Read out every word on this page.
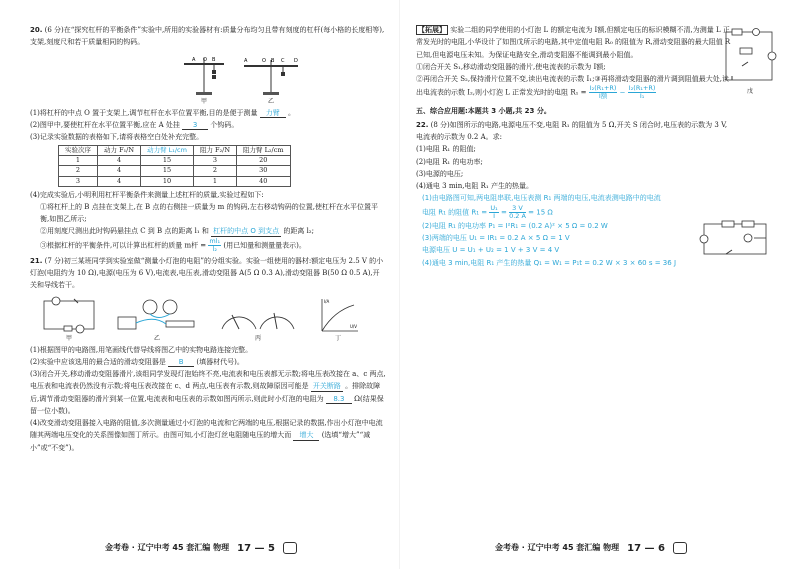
20. (6 分)在“探究杠杆的平衡条件”实验中,所用的实验器材有:质量分布均匀且带有刻度的杠杆(每小格的长度相等),支架,刻度尺和若干质量相同的钩码。
A O B
甲
A	O B C D
乙
(1)将杠杆的中点 O 置于支架上,调节杠杆在水平位置平衡,目的是便于测量 力臂 。
(2)图甲中,要使杠杆在水平位置平衡,应在 A 处挂 3 个钩码。
(3)记录实验数据的表格如下,请将表格空白处补充完整。
实验次序	动力 F₁/N	动力臂 L₁/cm	阻力 F₂/N	阻力臂 L₂/cm
1	4	15	3	20
2	4	15	2	30
3	4	10	1	40
(4)完成实验后,小明利用杠杆平衡条件来测量上述杠杆的质量,实验过程如下:
①将杠杆上的 B 点挂在支架上,在 B 点的右侧挂一质量为 m 的钩码,左右移动钩码的位置,使杠杆在水平位置平衡,如图乙所示;
②用刻度尺测出此时钩码悬挂点 C 到 B 点的距离 l₁ 和 杠杆的中点 O 到支点 的距离 l₂;
③根据杠杆的平衡条件,可以计算出杠杆的质量 m杆 = $\frac{\text{ml₁}}{\text{l₂}}$ (用已知量和测量量表示)。
21. (7 分)初三某班同学到实验室做“测量小灯泡的电阻”的分组实验。实验一组使用的器材:额定电压为 2.5 V 的小灯泡(电阻约为 10 Ω),电源(电压为 6 V),电流表,电压表,滑动变阻器 A(5 Ω 0.3 A),滑动变阻器 B(50 Ω 0.5 A),开关和导线若干。
甲	乙	丙
I/A
U/V
丁
(1)根据图甲的电路图,用笔画线代替导线将图乙中的实物电路连接完整。
(2)实验中应该选用的最合适的滑动变阻器是 B (填器材代号)。
(3)闭合开关,移动滑动变阻器滑片,该组同学发现灯泡始终不亮,电流表和电压表都无示数;将电压表改接在 a、c 两点,电压表和电流表仍然没有示数;将电压表改接在 c、d 两点,电压表有示数,则故障原因可能是 开关断路 。排除故障后,调节滑动变阻器的滑片到某一位置,电流表和电压表的示数如图丙所示,则此时小灯泡的电阻为 8.3 Ω(结果保留一位小数)。
(4)改变滑动变阻器接入电路的阻值,多次测量通过小灯泡的电流和它两端的电压,根据记录的数据,作出小灯泡中电流随其两端电压变化的关系图像如图丁所示。由图可知,小灯泡灯丝电阻随电压的增大而 增大 (选填“增大”“减小”或“不变”)。
金考卷 · 辽宁中考 45 套汇编 物理 17 — 5
【拓展】 实验二组的同学使用的小灯泡 L 的额定电流为 I额,但额定电压的标识模糊不清,为测量 L 正常发光时的电阻,小华设计了如图戊所示的电路,其中定值电阻 R₀ 的阻值为 R,滑动变阻器的最大阻值 R 已知,但电源电压未知。为保证电路安全,滑动变阻器不能调到最小阻值。
①闭合开关 S₁,移动滑动变阻器的滑片,使电流表的示数为 I额;
②再闭合开关 S₂,保持滑片位置不变,读出电流表的示数 I₁;③再将滑动变阻器的滑片调到阻值最大处,读出电流表的示数 I₂,则小灯泡 L 正常发光时的电阻 $R_1 = \frac{\text{I₂(R₁+R)}}{\text{I额}} - \frac{\text{I₂(R₁+R)}}{\text{I₁}}$	戊
五、综合应用题:本题共 3 小题,共 23 分。
22. (8 分)如图所示的电路,电源电压不变,电阻 R₁ 的阻值为 5 Ω,开关 S 闭合时,电压表的示数为 3 V,电流表的示数为 0.2 A。求:
(1)电阻 R₁ 的阻值;
(2)电阻 R₁ 的电功率;
(3)电源的电压;
(4)通电 3 min,电阻 R₁ 产生的热量。
(1)由电路图可知,两电阻串联,电压表测 R₁ 两端的电压,电流表测电路中的电流
电阻 R₁ 的阻值 $R_1 = \frac{\text{U₁}}{I} = \frac{3 V}{0.2 A} = 15$ Ω
(2)电阻 R₁ 的电功率 P₁ = I²R₁ = (0.2 A)² × 5 Ω = 0.2 W
(3)两端的电压 U₁ = IR₁ = 0.2 A × 5 Ω = 1 V
电源电压 U = U₁ + U₂ = 1 V + 3 V = 4 V
(4)通电 3 min,电阻 R₁ 产生的热量 Q₁ = W₁ = P₁t = 0.2 W × 3 × 60 s = 36 J
金考卷 · 辽宁中考 45 套汇编 物理 17 — 6
